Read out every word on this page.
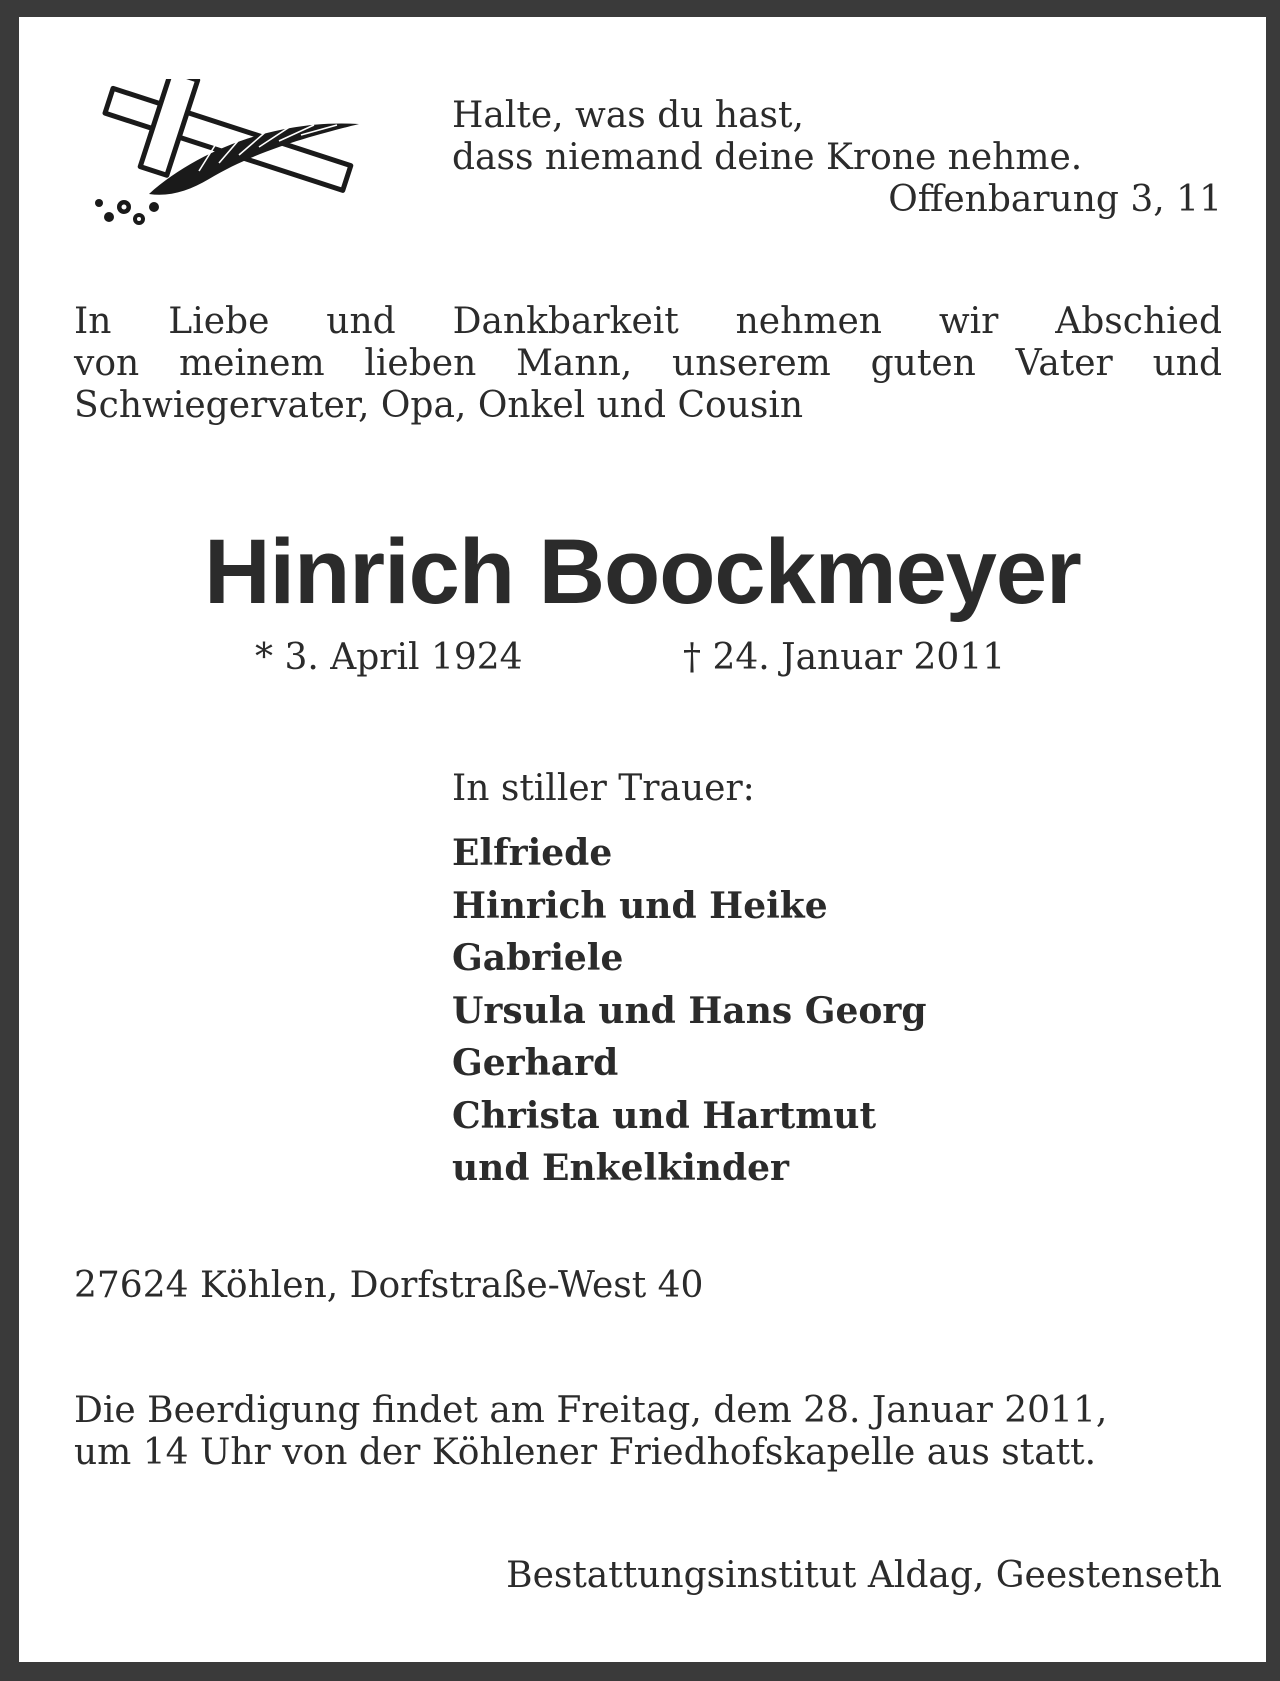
Halte, was du hast,
dass niemand deine Krone nehme.
Offenbarung 3, 11
In Liebe und Dankbarkeit nehmen wir Abschied
von meinem lieben Mann, unserem guten Vater und
Schwiegervater, Opa, Onkel und Cousin
Hinrich Boockmeyer
* 3. April 1924	† 24. Januar 2011
In stiller Trauer:
Elfriede
Hinrich und Heike
Gabriele
Ursula und Hans Georg
Gerhard
Christa und Hartmut
und Enkelkinder
27624 Köhlen, Dorfstraße-West 40
Die Beerdigung findet am Freitag, dem 28. Januar 2011,
um 14 Uhr von der Köhlener Friedhofskapelle aus statt.
Bestattungsinstitut Aldag, Geestenseth
